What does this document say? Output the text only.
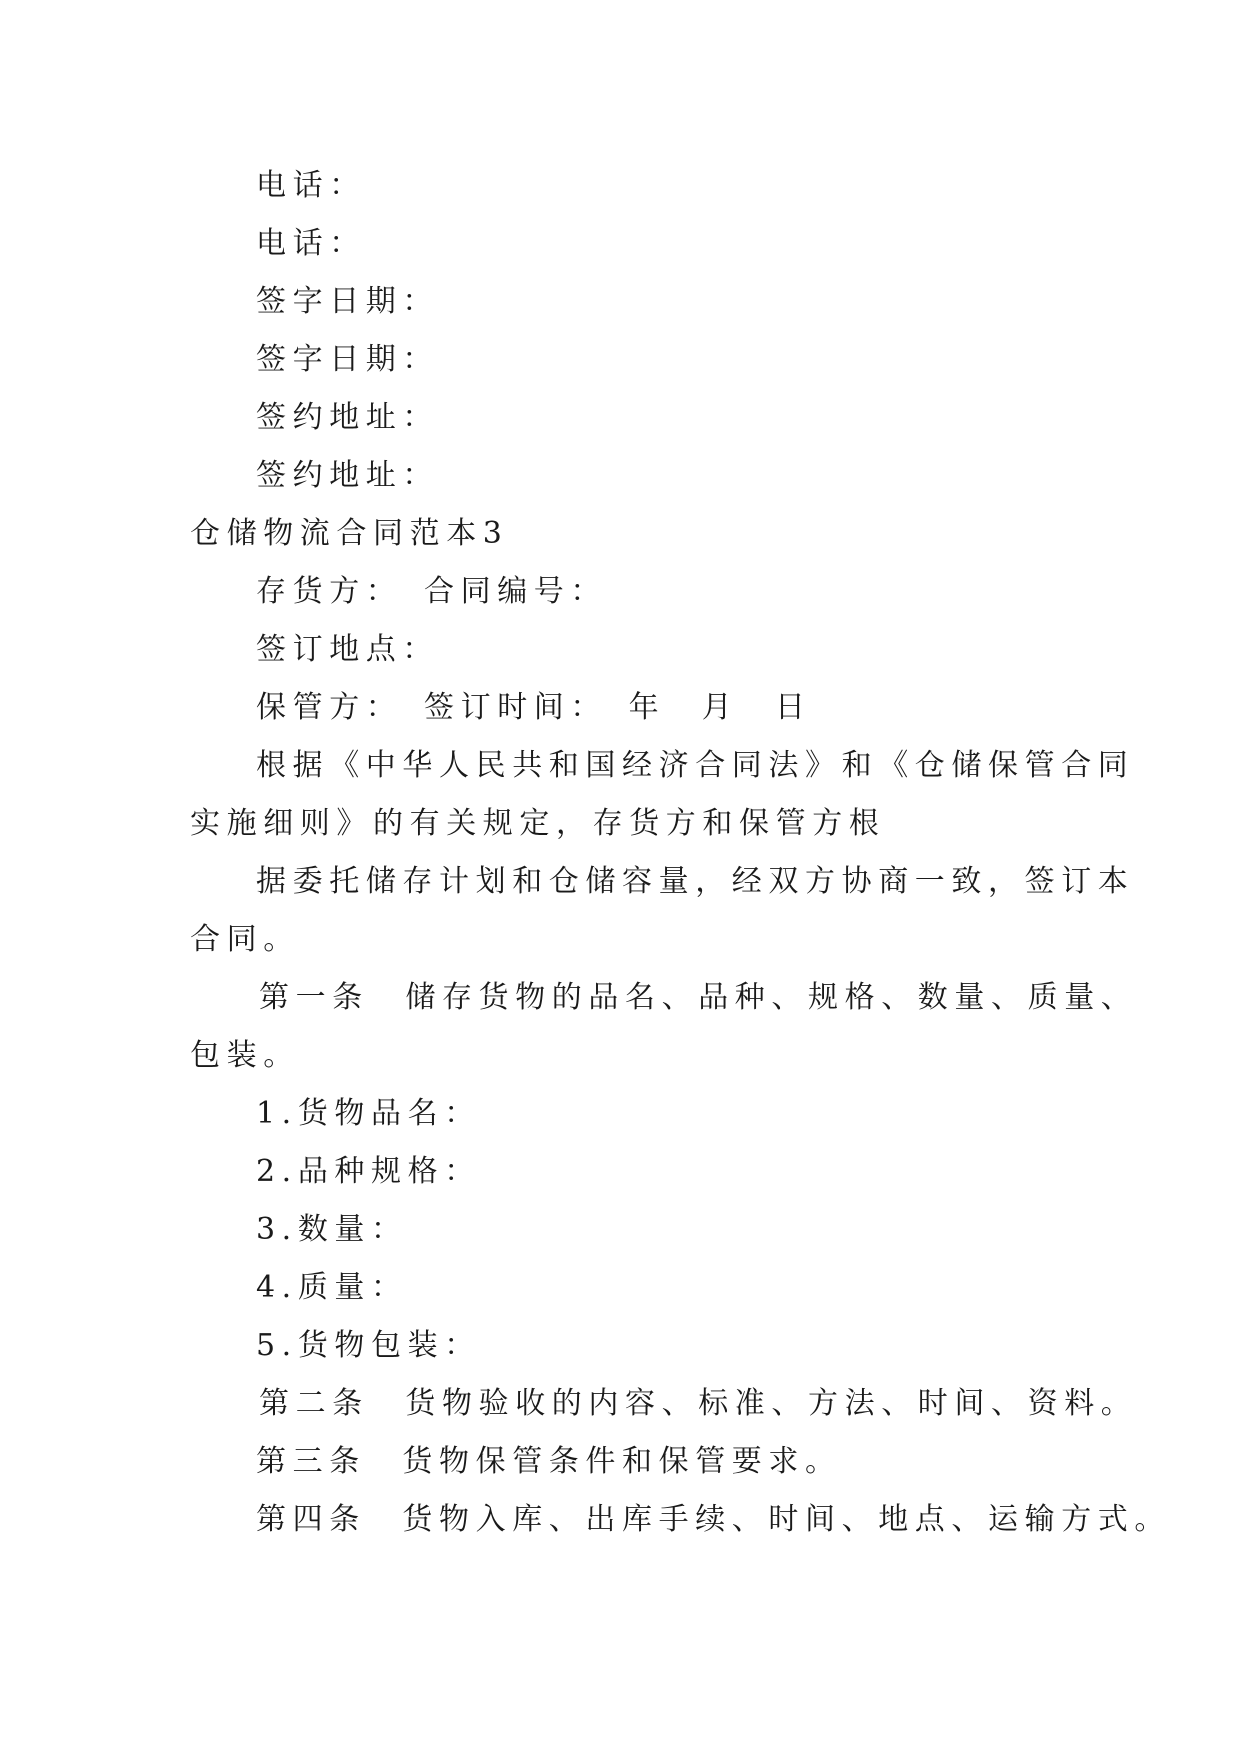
电话：
电话：
签字日期：
签字日期：
签约地址：
签约地址：
仓储物流合同范本3
存货方：　合同编号：
签订地点：
保管方：　签订时间：　年　月　日
根据《中华人民共和国经济合同法》和《仓储保管合同
实施细则》的有关规定，存货方和保管方根
据委托储存计划和仓储容量，经双方协商一致，签订本
合同。
第一条　储存货物的品名、品种、规格、数量、质量、
包装。
1.货物品名：
2.品种规格：
3.数量：
4.质量：
5.货物包装：
第二条　货物验收的内容、标准、方法、时间、资料。
第三条　货物保管条件和保管要求。
第四条　货物入库、出库手续、时间、地点、运输方式。
